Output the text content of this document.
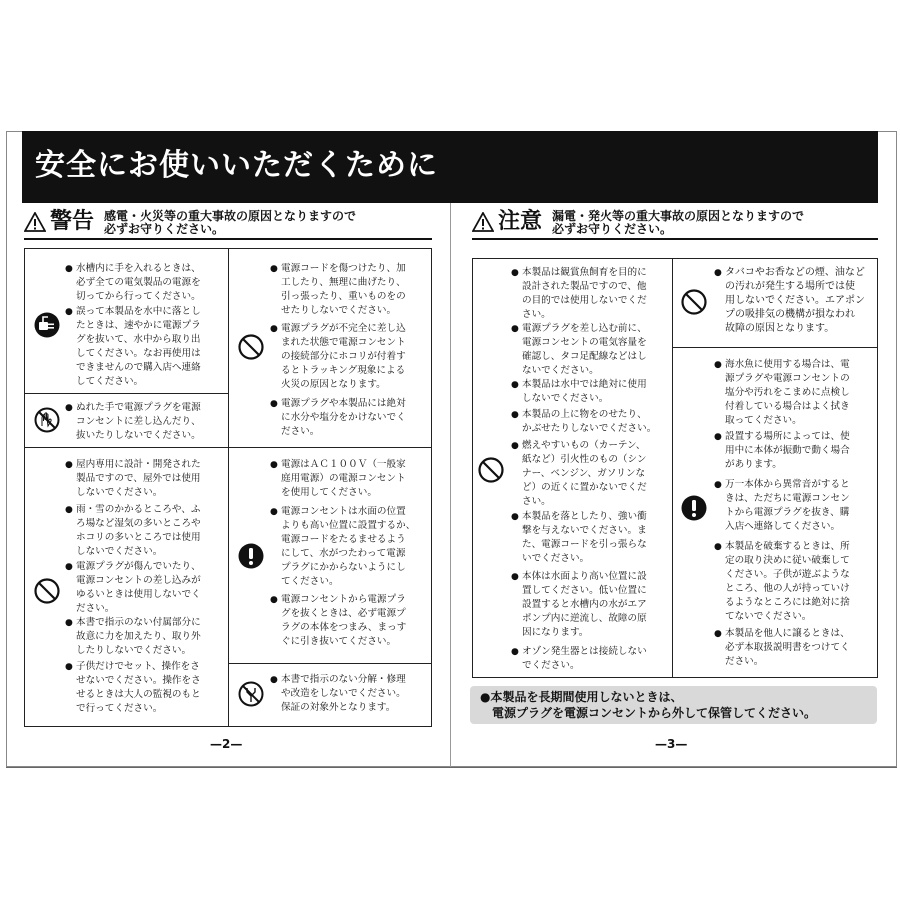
安全にお使いいただくために
警告 感電・火災等の重大事故の原因となりますので
必ずお守りください。	注意 漏電・発火等の重大事故の原因となりますので
必ずお守りください。
● 水槽内に手を入れるときは、
必ず全ての電気製品の電源を
切ってから行ってください。
● 誤って本製品を水中に落とし
たときは、速やかに電源プラ
グを抜いて、水中から取り出
してください。なお再使用は
できませんので購入店へ連絡
してください。
● ぬれた手で電源プラグを電源
コンセントに差し込んだり、
抜いたりしないでください。
● 電源コードを傷つけたり、加
工したり、無理に曲げたり、
引っ張ったり、重いものをの
せたりしないでください。
● 電源プラグが不完全に差し込
まれた状態で電源コンセント
の接続部分にホコリが付着す
るとトラッキング現象による
火災の原因となります。
● 電源プラグや本製品には絶対
に水分や塩分をかけないでく
ださい。
● 屋内専用に設計・開発された
製品ですので、屋外では使用
しないでください。
● 雨・雪のかかるところや、ふ
ろ場など湿気の多いところや
ホコリの多いところでは使用
しないでください。
● 電源プラグが傷んでいたり、
電源コンセントの差し込みが
ゆるいときは使用しないでく
ださい。
● 本書で指示のない付属部分に
故意に力を加えたり、取り外
したりしないでください。
● 子供だけでセット、操作をさ
せないでください。操作をさ
せるときは大人の監視のもと
で行ってください。
● 電源はＡＣ１００Ｖ（一般家
庭用電源）の電源コンセント
を使用してください。
● 電源コンセントは水面の位置
よりも高い位置に設置するか、
電源コードをたるませるよう
にして、水がつたわって電源
プラグにかからないようにし
てください。
● 電源コンセントから電源プラ
グを抜くときは、必ず電源プ
ラグの本体をつまみ、まっす
ぐに引き抜いてください。
● 本書で指示のない分解・修理
や改造をしないでください。
保証の対象外となります。
—2—
● 本製品は観賞魚飼育を目的に
設計された製品ですので、他
の目的では使用しないでくだ
さい。
● 電源プラグを差し込む前に、
電源コンセントの電気容量を
確認し、タコ足配線などはし
ないでください。
● 本製品は水中では絶対に使用
しないでください。
● 本製品の上に物をのせたり、
かぶせたりしないでください。
● 燃えやすいもの（カーテン、
紙など）引火性のもの（シン
ナー、ベンジン、ガソリンな
ど）の近くに置かないでくだ
さい。
● 本製品を落としたり、強い衝
撃を与えないでください。ま
た、電源コードを引っ張らな
いでください。
● 本体は水面より高い位置に設
置してください。低い位置に
設置すると水槽内の水がエア
ポンプ内に逆流し、故障の原
因になります。
● オゾン発生器とは接続しない
でください。
● タバコやお香などの煙、油など
の汚れが発生する場所では使
用しないでください。エアポン
プの吸排気の機構が損なわれ
故障の原因となります。
● 海水魚に使用する場合は、電
源プラグや電源コンセントの
塩分や汚れをこまめに点検し
付着している場合はよく拭き
取ってください。
● 設置する場所によっては、使
用中に本体が振動で動く場合
があります。
● 万一本体から異常音がすると
きは、ただちに電源コンセン
トから電源プラグを抜き、購
入店へ連絡してください。
● 本製品を破棄するときは、所
定の取り決めに従い破棄して
ください。子供が遊ぶような
ところ、他の人が持っていけ
るようなところには絶対に捨
てないでください。
● 本製品を他人に譲るときは、
必ず本取扱説明書をつけてく
ださい。
●本製品を長期間使用しないときは、
電源プラグを電源コンセントから外して保管してください。
—3—
